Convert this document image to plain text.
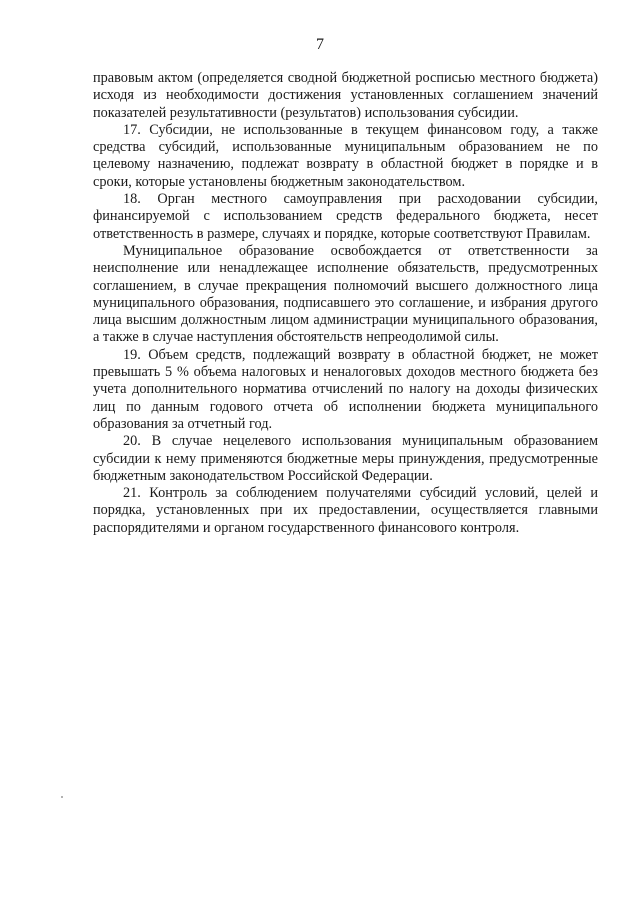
7

правовым актом (определяется сводной бюджетной росписью местного бюджета) исходя из необходимости достижения установленных соглашением значений показателей результативности (результатов) использования субсидии.

17. Субсидии, не использованные в текущем финансовом году, а также средства субсидий, использованные муниципальным образованием не по целевому назначению, подлежат возврату в областной бюджет в порядке и в сроки, которые установлены бюджетным законодательством.

18. Орган местного самоуправления при расходовании субсидии, финансируемой с использованием средств федерального бюджета, несет ответственность в размере, случаях и порядке, которые соответствуют Правилам.

Муниципальное образование освобождается от ответственности за неисполнение или ненадлежащее исполнение обязательств, предусмотренных соглашением, в случае прекращения полномочий высшего должностного лица муниципального образования, подписавшего это соглашение, и избрания другого лица высшим должностным лицом администрации муниципального образования, а также в случае наступления обстоятельств непреодолимой силы.

19. Объем средств, подлежащий возврату в областной бюджет, не может превышать 5 % объема налоговых и неналоговых доходов местного бюджета без учета дополнительного норматива отчислений по налогу на доходы физических лиц по данным годового отчета об исполнении бюджета муниципального образования за отчетный год.

20. В случае нецелевого использования муниципальным образованием субсидии к нему применяются бюджетные меры принуждения, предусмотренные бюджетным законодательством Российской Федерации.

21. Контроль за соблюдением получателями субсидий условий, целей и порядка, установленных при их предоставлении, осуществляется главными распорядителями и органом государственного финансового контроля.
